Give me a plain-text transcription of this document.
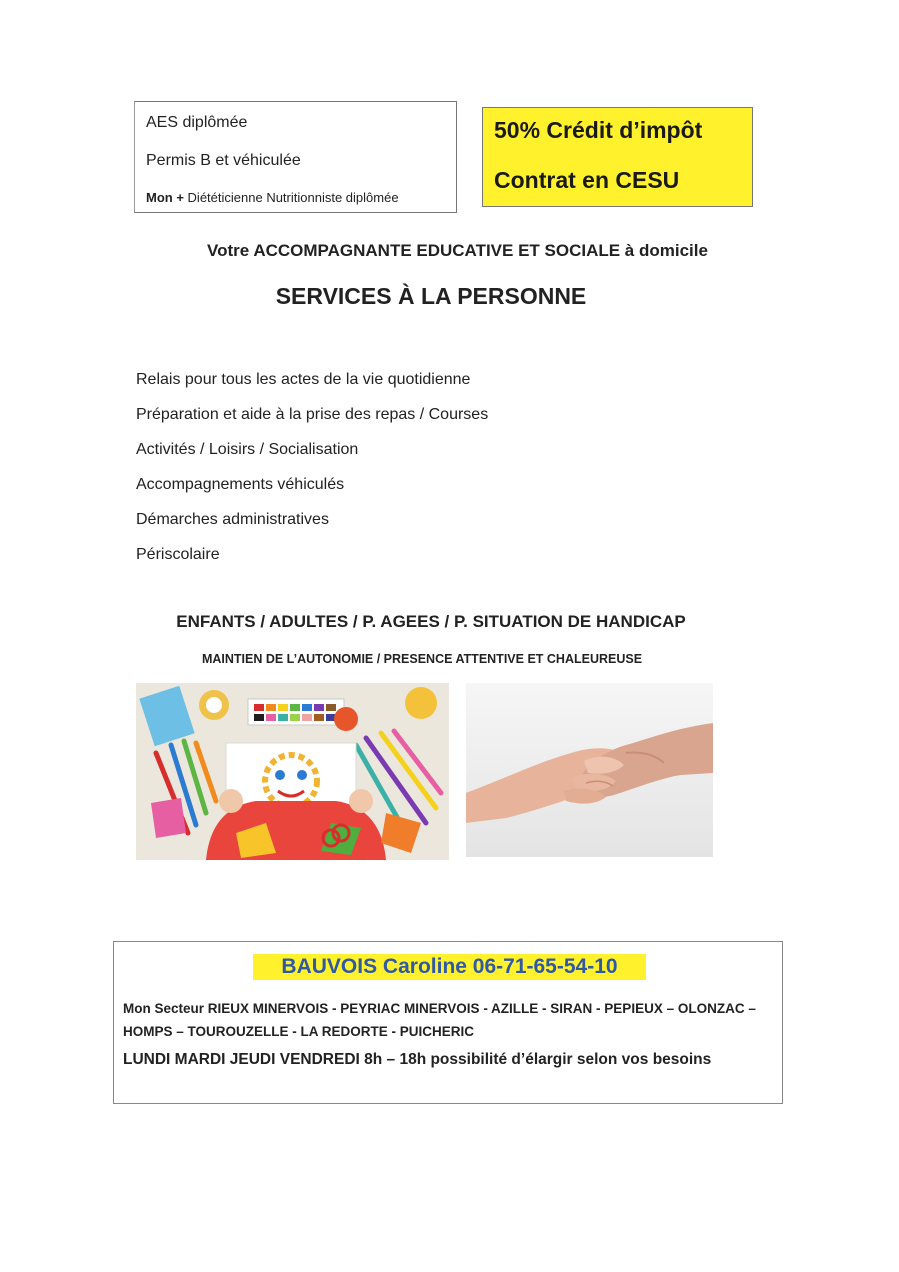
AES diplômée
Permis B et véhiculée
Mon + Diététicienne Nutritionniste diplômée
50% Crédit d’impôt
Contrat en CESU
Votre ACCOMPAGNANTE EDUCATIVE ET SOCIALE à domicile
SERVICES À LA PERSONNE
Relais pour tous les actes de la vie quotidienne
Préparation et aide à la prise des repas / Courses
Activités / Loisirs / Socialisation
Accompagnements véhiculés
Démarches administratives
Périscolaire
ENFANTS / ADULTES / P. AGEES / P. SITUATION DE HANDICAP
MAINTIEN DE L’AUTONOMIE / PRESENCE ATTENTIVE ET CHALEUREUSE
BAUVOIS Caroline 06-71-65-54-10
Mon Secteur RIEUX MINERVOIS - PEYRIAC MINERVOIS - AZILLE - SIRAN - PEPIEUX – OLONZAC – HOMPS – TOUROUZELLE - LA REDORTE - PUICHERIC
LUNDI MARDI JEUDI VENDREDI 8h – 18h possibilité d’élargir selon vos besoins
